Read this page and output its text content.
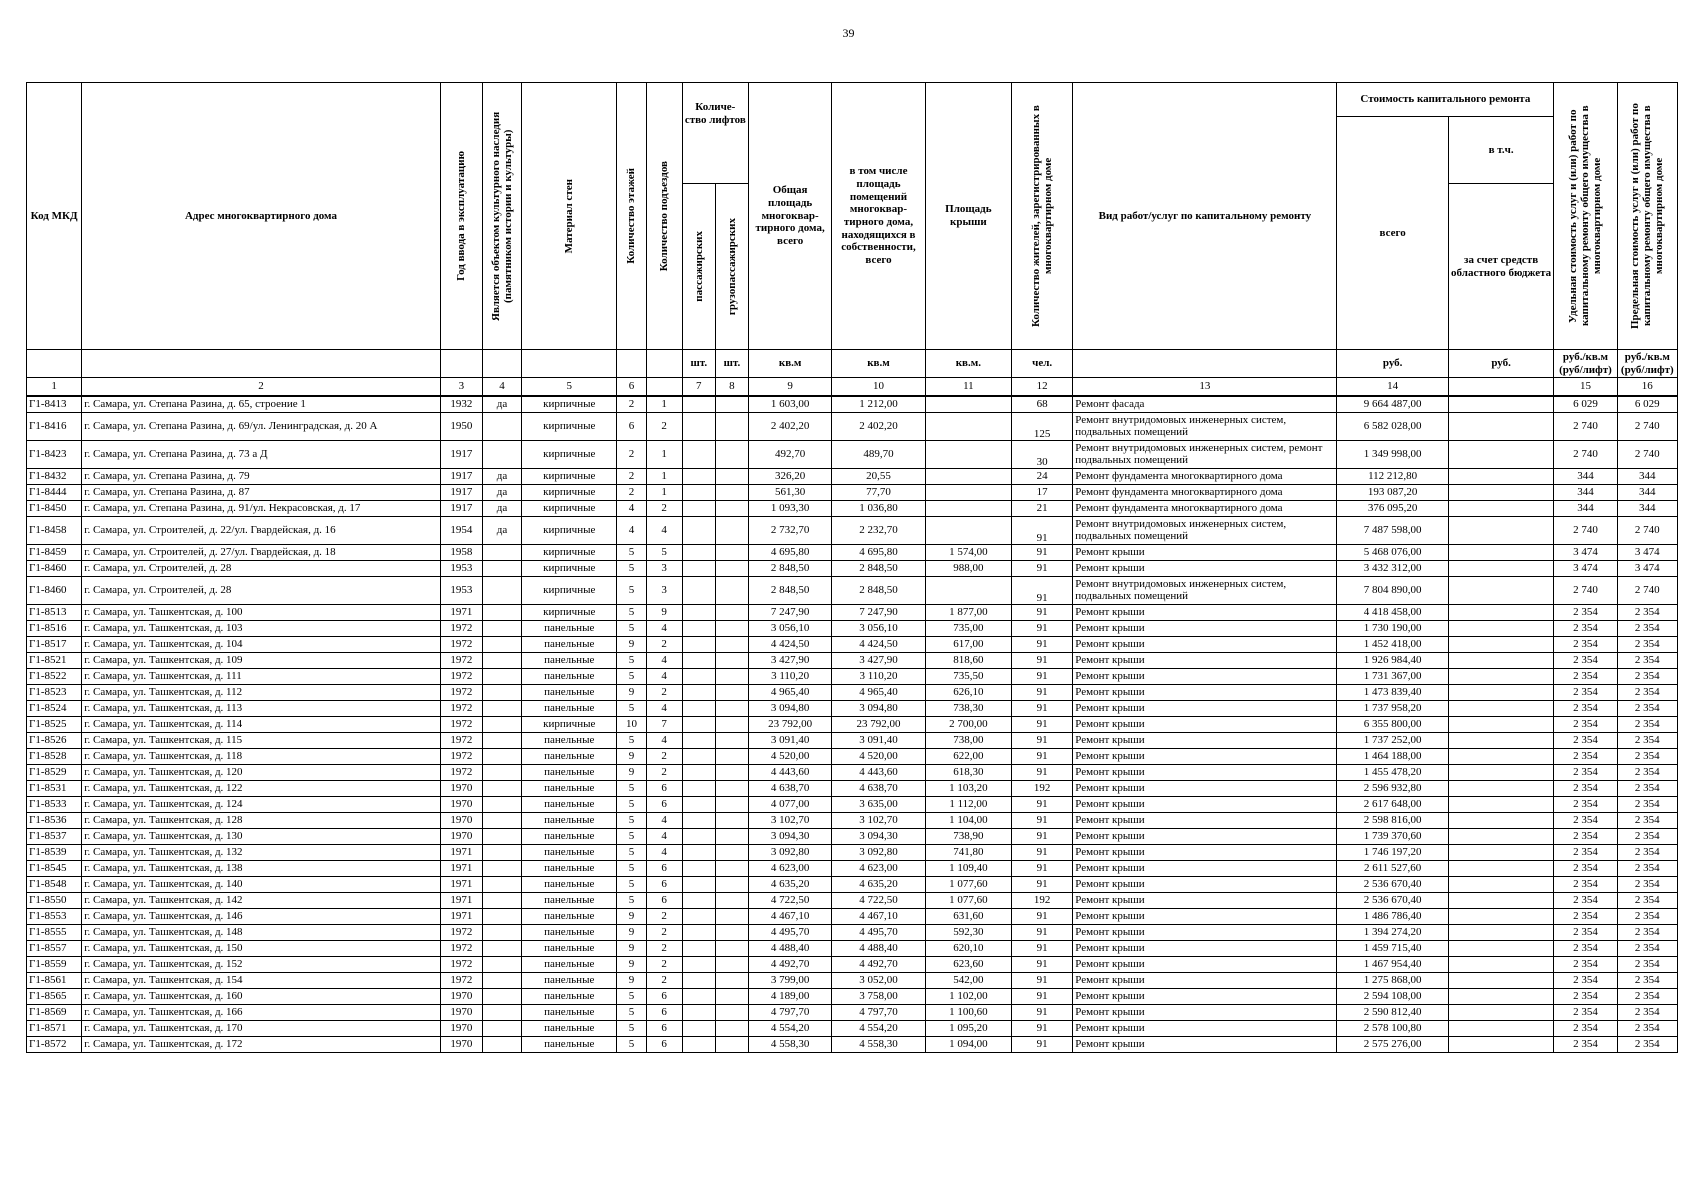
39
Код МКД	Адрес многоквартирного дома	Год ввода в эксплуатацию	Является объектом культурного наследия (памятником истории и культуры)	Материал стен	Количество этажей	Количество подъездов	Количе-ство лифтов		Общая площадь многоквар-тирного дома, всего	в том числе площадь помещений многоквар-тирного дома, находящихся в собственности, всего	Площадь крыши	Количество жителей, зарегистрированных в многоквартирном доме	Вид работ/услуг по капитальному ремонту	Стоимость капитального ремонта		Удельная стоимость услуг и (или) работ по капитальному ремонту общего имущества в многоквартирном доме	Предельная стоимость услуг и (или) работ по капитальному ремонту общего имущества в многоквартирном доме

														всего	в т.ч.		

							пассажирских	грузопассажирских							за счет средств областного бюджета		
							шт.	шт.	кв.м	кв.м	кв.м.	чел.		руб.	руб.	руб./кв.м (руб/лифт)	руб./кв.м (руб/лифт)
1	2	3	4	5	6		7	8	9	10	11	12	13	14		15	16
Г1-8413	г. Самара, ул. Степана Разина, д. 65, строение 1	1932	да	кирпичные	2	1			1 603,00	1 212,00		68	Ремонт фасада	9 664 487,00		6 029	6 029
Г1-8416	г. Самара, ул. Степана Разина, д. 69/ул. Ленинградская, д. 20 А	1950		кирпичные	6	2			2 402,20	2 402,20		125	Ремонт внутридомовых инженерных систем, подвальных помещений	6 582 028,00		2 740	2 740
Г1-8423	г. Самара, ул. Степана Разина, д. 73 а Д	1917		кирпичные	2	1			492,70	489,70		30	Ремонт внутридомовых инженерных систем, ремонт подвальных помещений	1 349 998,00		2 740	2 740
Г1-8432	г. Самара, ул. Степана Разина, д. 79	1917	да	кирпичные	2	1			326,20	20,55		24	Ремонт фундамента многоквартирного дома	112 212,80		344	344
Г1-8444	г. Самара, ул. Степана Разина, д. 87	1917	да	кирпичные	2	1			561,30	77,70		17	Ремонт фундамента многоквартирного дома	193 087,20		344	344
Г1-8450	г. Самара, ул. Степана Разина, д. 91/ул. Некрасовская, д. 17	1917	да	кирпичные	4	2			1 093,30	1 036,80		21	Ремонт фундамента многоквартирного дома	376 095,20		344	344
Г1-8458	г. Самара, ул. Строителей, д. 22/ул. Гвардейская, д. 16	1954	да	кирпичные	4	4			2 732,70	2 232,70		91	Ремонт внутридомовых инженерных систем, подвальных помещений	7 487 598,00		2 740	2 740
Г1-8459	г. Самара, ул. Строителей, д. 27/ул. Гвардейская, д. 18	1958		кирпичные	5	5			4 695,80	4 695,80	1 574,00	91	Ремонт крыши	5 468 076,00		3 474	3 474
Г1-8460	г. Самара, ул. Строителей, д. 28	1953		кирпичные	5	3			2 848,50	2 848,50	988,00	91	Ремонт крыши	3 432 312,00		3 474	3 474
Г1-8460	г. Самара, ул. Строителей, д. 28	1953		кирпичные	5	3			2 848,50	2 848,50		91	Ремонт внутридомовых инженерных систем, подвальных помещений	7 804 890,00		2 740	2 740
Г1-8513	г. Самара, ул. Ташкентская, д. 100	1971		кирпичные	5	9			7 247,90	7 247,90	1 877,00	91	Ремонт крыши	4 418 458,00		2 354	2 354
Г1-8516	г. Самара, ул. Ташкентская, д. 103	1972		панельные	5	4			3 056,10	3 056,10	735,00	91	Ремонт крыши	1 730 190,00		2 354	2 354
Г1-8517	г. Самара, ул. Ташкентская, д. 104	1972		панельные	9	2			4 424,50	4 424,50	617,00	91	Ремонт крыши	1 452 418,00		2 354	2 354
Г1-8521	г. Самара, ул. Ташкентская, д. 109	1972		панельные	5	4			3 427,90	3 427,90	818,60	91	Ремонт крыши	1 926 984,40		2 354	2 354
Г1-8522	г. Самара, ул. Ташкентская, д. 111	1972		панельные	5	4			3 110,20	3 110,20	735,50	91	Ремонт крыши	1 731 367,00		2 354	2 354
Г1-8523	г. Самара, ул. Ташкентская, д. 112	1972		панельные	9	2			4 965,40	4 965,40	626,10	91	Ремонт крыши	1 473 839,40		2 354	2 354
Г1-8524	г. Самара, ул. Ташкентская, д. 113	1972		панельные	5	4			3 094,80	3 094,80	738,30	91	Ремонт крыши	1 737 958,20		2 354	2 354
Г1-8525	г. Самара, ул. Ташкентская, д. 114	1972		кирпичные	10	7			23 792,00	23 792,00	2 700,00	91	Ремонт крыши	6 355 800,00		2 354	2 354
Г1-8526	г. Самара, ул. Ташкентская, д. 115	1972		панельные	5	4			3 091,40	3 091,40	738,00	91	Ремонт крыши	1 737 252,00		2 354	2 354
Г1-8528	г. Самара, ул. Ташкентская, д. 118	1972		панельные	9	2			4 520,00	4 520,00	622,00	91	Ремонт крыши	1 464 188,00		2 354	2 354
Г1-8529	г. Самара, ул. Ташкентская, д. 120	1972		панельные	9	2			4 443,60	4 443,60	618,30	91	Ремонт крыши	1 455 478,20		2 354	2 354
Г1-8531	г. Самара, ул. Ташкентская, д. 122	1970		панельные	5	6			4 638,70	4 638,70	1 103,20	192	Ремонт крыши	2 596 932,80		2 354	2 354
Г1-8533	г. Самара, ул. Ташкентская, д. 124	1970		панельные	5	6			4 077,00	3 635,00	1 112,00	91	Ремонт крыши	2 617 648,00		2 354	2 354
Г1-8536	г. Самара, ул. Ташкентская, д. 128	1970		панельные	5	4			3 102,70	3 102,70	1 104,00	91	Ремонт крыши	2 598 816,00		2 354	2 354
Г1-8537	г. Самара, ул. Ташкентская, д. 130	1970		панельные	5	4			3 094,30	3 094,30	738,90	91	Ремонт крыши	1 739 370,60		2 354	2 354
Г1-8539	г. Самара, ул. Ташкентская, д. 132	1971		панельные	5	4			3 092,80	3 092,80	741,80	91	Ремонт крыши	1 746 197,20		2 354	2 354
Г1-8545	г. Самара, ул. Ташкентская, д. 138	1971		панельные	5	6			4 623,00	4 623,00	1 109,40	91	Ремонт крыши	2 611 527,60		2 354	2 354
Г1-8548	г. Самара, ул. Ташкентская, д. 140	1971		панельные	5	6			4 635,20	4 635,20	1 077,60	91	Ремонт крыши	2 536 670,40		2 354	2 354
Г1-8550	г. Самара, ул. Ташкентская, д. 142	1971		панельные	5	6			4 722,50	4 722,50	1 077,60	192	Ремонт крыши	2 536 670,40		2 354	2 354
Г1-8553	г. Самара, ул. Ташкентская, д. 146	1971		панельные	9	2			4 467,10	4 467,10	631,60	91	Ремонт крыши	1 486 786,40		2 354	2 354
Г1-8555	г. Самара, ул. Ташкентская, д. 148	1972		панельные	9	2			4 495,70	4 495,70	592,30	91	Ремонт крыши	1 394 274,20		2 354	2 354
Г1-8557	г. Самара, ул. Ташкентская, д. 150	1972		панельные	9	2			4 488,40	4 488,40	620,10	91	Ремонт крыши	1 459 715,40		2 354	2 354
Г1-8559	г. Самара, ул. Ташкентская, д. 152	1972		панельные	9	2			4 492,70	4 492,70	623,60	91	Ремонт крыши	1 467 954,40		2 354	2 354
Г1-8561	г. Самара, ул. Ташкентская, д. 154	1972		панельные	9	2			3 799,00	3 052,00	542,00	91	Ремонт крыши	1 275 868,00		2 354	2 354
Г1-8565	г. Самара, ул. Ташкентская, д. 160	1970		панельные	5	6			4 189,00	3 758,00	1 102,00	91	Ремонт крыши	2 594 108,00		2 354	2 354
Г1-8569	г. Самара, ул. Ташкентская, д. 166	1970		панельные	5	6			4 797,70	4 797,70	1 100,60	91	Ремонт крыши	2 590 812,40		2 354	2 354
Г1-8571	г. Самара, ул. Ташкентская, д. 170	1970		панельные	5	6			4 554,20	4 554,20	1 095,20	91	Ремонт крыши	2 578 100,80		2 354	2 354
Г1-8572	г. Самара, ул. Ташкентская, д. 172	1970		панельные	5	6			4 558,30	4 558,30	1 094,00	91	Ремонт крыши	2 575 276,00		2 354	2 354
